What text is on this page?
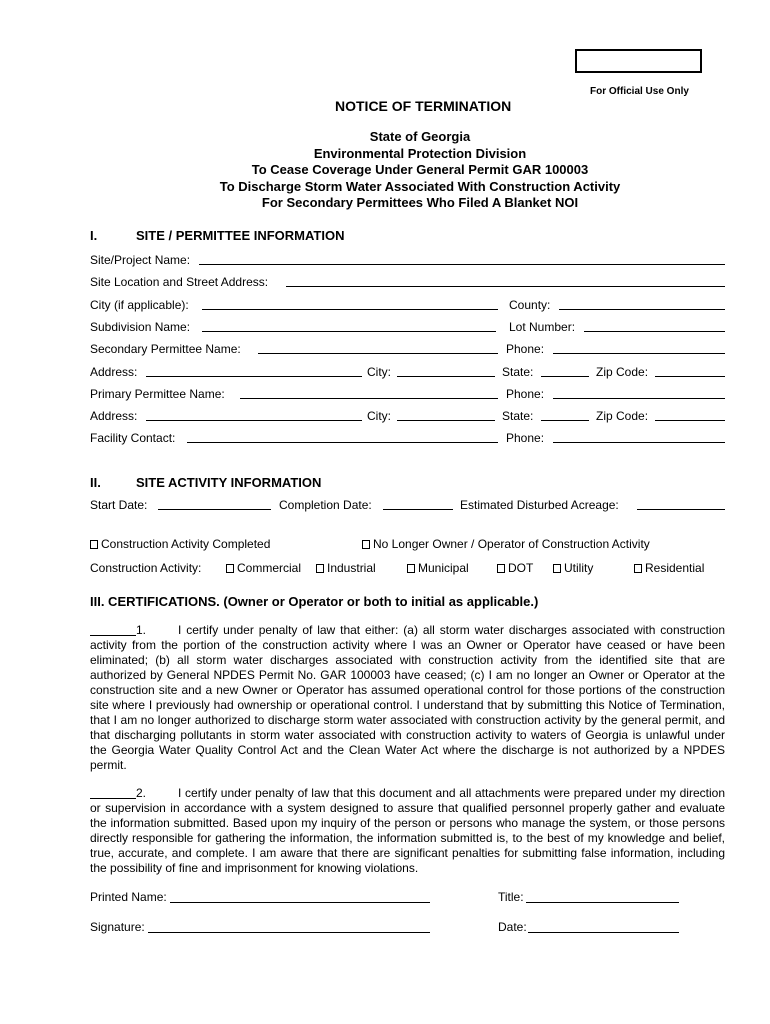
For Official Use Only
NOTICE OF TERMINATION
State of Georgia
Environmental Protection Division
To Cease Coverage Under General Permit GAR 100003
To Discharge Storm Water Associated With Construction Activity
For Secondary Permittees Who Filed A Blanket NOI
I.	SITE / PERMITTEE INFORMATION
Site/Project Name:
Site Location and Street Address:
City (if applicable):	County:
Subdivision Name:	Lot Number:
Secondary Permittee Name:	Phone:
Address:	City:	State:	Zip Code:
Primary Permittee Name:	Phone:
Address:	City:	State:	Zip Code:
Facility Contact:	Phone:
II.	SITE ACTIVITY INFORMATION
Start Date:	Completion Date:	Estimated Disturbed Acreage:
Construction Activity Completed	No Longer Owner / Operator of Construction Activity
Construction Activity:	Commercial	Industrial	Municipal	DOT	Utility	Residential
III. CERTIFICATIONS. (Owner or Operator or both to initial as applicable.)
1.	I certify under penalty of law that either: (a) all storm water discharges associated with construction activity from the portion of the construction activity where I was an Owner or Operator have ceased or have been eliminated; (b) all storm water discharges associated with construction activity from the identified site that are authorized by General NPDES Permit No. GAR 100003 have ceased; (c) I am no longer an Owner or Operator at the construction site and a new Owner or Operator has assumed operational control for those portions of the construction site where I previously had ownership or operational control. I understand that by submitting this Notice of Termination, that I am no longer authorized to discharge storm water associated with construction activity by the general permit, and that discharging pollutants in storm water associated with construction activity to waters of Georgia is unlawful under the Georgia Water Quality Control Act and the Clean Water Act where the discharge is not authorized by a NPDES permit.
2.	I certify under penalty of law that this document and all attachments were prepared under my direction or supervision in accordance with a system designed to assure that qualified personnel properly gather and evaluate the information submitted. Based upon my inquiry of the person or persons who manage the system, or those persons directly responsible for gathering the information, the information submitted is, to the best of my knowledge and belief, true, accurate, and complete. I am aware that there are significant penalties for submitting false information, including the possibility of fine and imprisonment for knowing violations.
Printed Name:	Title:
Signature:	Date:
